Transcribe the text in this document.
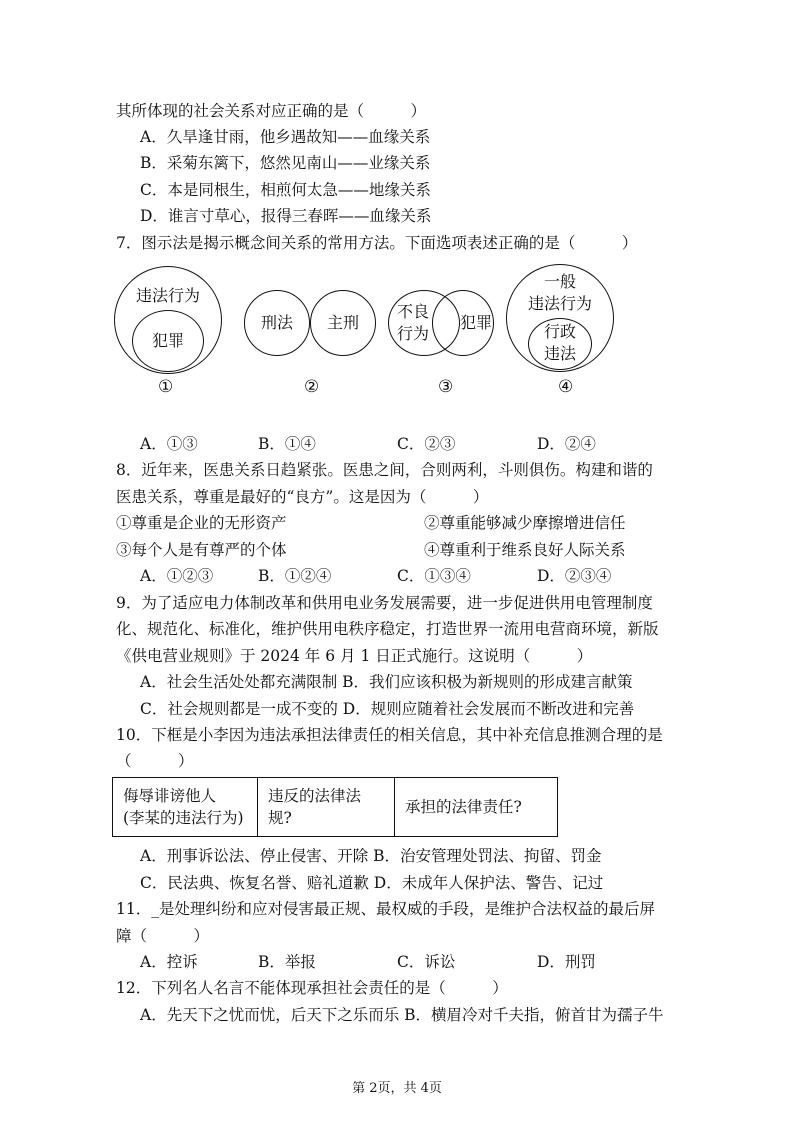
其所体现的社会关系对应正确的是（　　　）
A．久旱逢甘雨，他乡遇故知——血缘关系
B．采菊东篱下，悠然见南山——业缘关系
C．本是同根生，相煎何太急——地缘关系
D．谁言寸草心，报得三春晖——血缘关系
7．图示法是揭示概念间关系的常用方法。下面选项表述正确的是（　　　）
违法行为
犯罪
①
刑法	主刑
②
不良
行为
犯罪
③
一般
违法行为
行政
违法
④
A．①③	B．①④	C．②③	D．②④
8．近年来，医患关系日趋紧张。医患之间，合则两利，斗则俱伤。构建和谐的
医患关系，尊重是最好的“良方”。这是因为（　　　）
①尊重是企业的无形资产	②尊重能够减少摩擦增进信任
③每个人是有尊严的个体	④尊重利于维系良好人际关系
A．①②③	B．①②④	C．①③④	D．②③④
9．为了适应电力体制改革和供用电业务发展需要，进一步促进供用电管理制度
化、规范化、标准化，维护供用电秩序稳定，打造世界一流用电营商环境，新版
《供电营业规则》于 2024 年 6 月 1 日正式施行。这说明（　　　）
A．社会生活处处都充满限制 B．我们应该积极为新规则的形成建言献策
C．社会规则都是一成不变的 D．规则应随着社会发展而不断改进和完善
10．下框是小李因为违法承担法律责任的相关信息，其中补充信息推测合理的是
（　　　）
侮辱诽谤他人
(李某的违法行为)
	违反的法律法规?	承担的法律责任?
A．刑事诉讼法、停止侵害、开除 B．治安管理处罚法、拘留、罚金
C．民法典、恢复名誉、赔礼道歉 D．未成年人保护法、警告、记过
11．_是处理纠纷和应对侵害最正规、最权威的手段，是维护合法权益的最后屏
障（　　　）
A．控诉	B．举报	C．诉讼	D．刑罚
12．下列名人名言不能体现承担社会责任的是（　　　）
A．先天下之忧而忧，后天下之乐而乐 B．横眉冷对千夫指，俯首甘为孺子牛
第 2页，共 4页
